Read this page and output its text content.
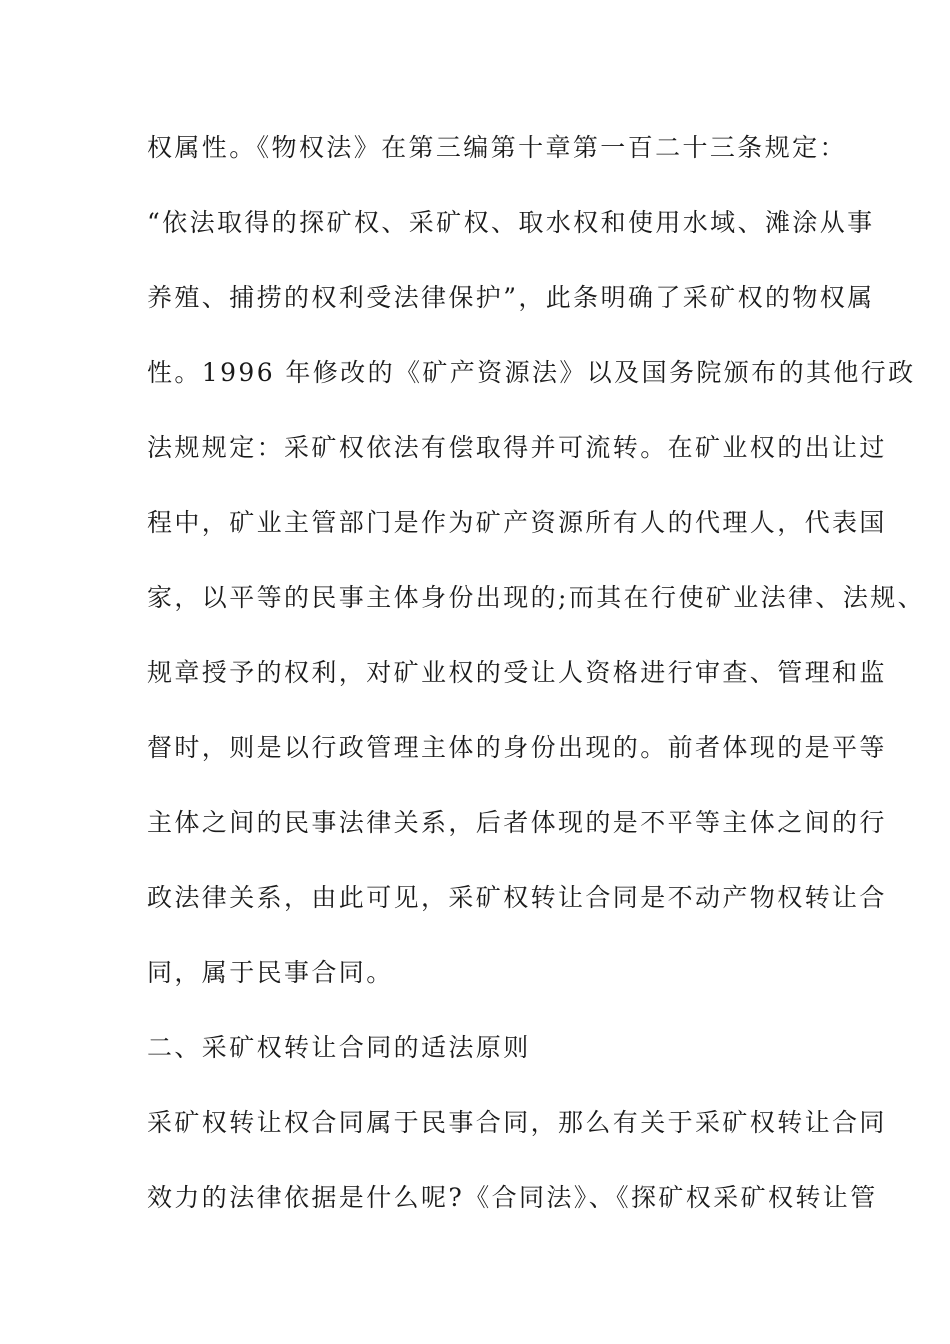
权属性。《物权法》在第三编第十章第一百二十三条规定：
“依法取得的探矿权、采矿权、取水权和使用水域、滩涂从事
养殖、捕捞的权利受法律保护”，此条明确了采矿权的物权属
性。1996 年修改的《矿产资源法》以及国务院颁布的其他行政
法规规定：采矿权依法有偿取得并可流转。在矿业权的出让过
程中，矿业主管部门是作为矿产资源所有人的代理人，代表国
家，以平等的民事主体身份出现的;而其在行使矿业法律、法规、
规章授予的权利，对矿业权的受让人资格进行审查、管理和监
督时，则是以行政管理主体的身份出现的。前者体现的是平等
主体之间的民事法律关系，后者体现的是不平等主体之间的行
政法律关系，由此可见，采矿权转让合同是不动产物权转让合
同，属于民事合同。
二、采矿权转让合同的适法原则
采矿权转让权合同属于民事合同，那么有关于采矿权转让合同
效力的法律依据是什么呢?《合同法》、《探矿权采矿权转让管
